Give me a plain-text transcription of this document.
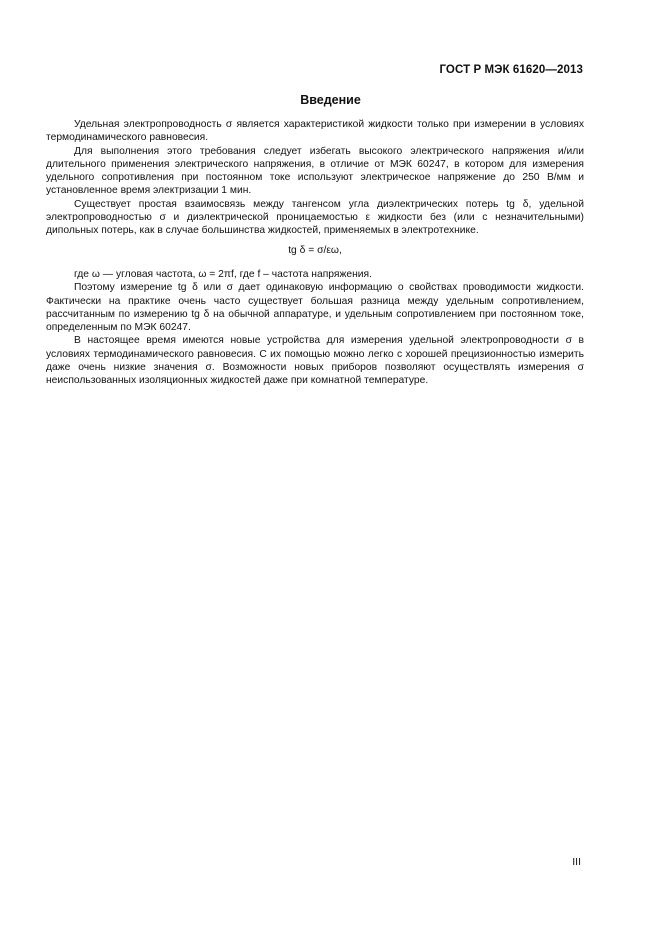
ГОСТ Р МЭК 61620—2013
Введение

Удельная электропроводность σ является характеристикой жидкости только при измерении в условиях термодинамического равновесия.

Для выполнения этого требования следует избегать высокого электрического напряжения и/или длительного применения электрического напряжения, в отличие от МЭК 60247, в котором для измерения удельного сопротивления при постоянном токе используют электрическое напряжение до 250 В/мм и установленное время электризации 1 мин.

Существует простая взаимосвязь между тангенсом угла диэлектрических потерь tg δ, удельной электропроводностью σ и диэлектрической проницаемостью ε жидкости без (или с незначительными) дипольных потерь, как в случае большинства жидкостей, применяемых в электротехнике.

tg δ = σ/εω,

где ω — угловая частота, ω = 2πf, где f – частота напряжения.

Поэтому измерение tg δ или σ дает одинаковую информацию о свойствах проводимости жидкости. Фактически на практике очень часто существует большая разница между удельным сопротивлением, рассчитанным по измерению tg δ на обычной аппаратуре, и удельным сопротивлением при постоянном токе, определенным по МЭК 60247.

В настоящее время имеются новые устройства для измерения удельной электропроводности σ в условиях термодинамического равновесия. С их помощью можно легко с хорошей прецизионностью измерить даже очень низкие значения σ. Возможности новых приборов позволяют осуществлять измерения σ неиспользованных изоляционных жидкостей даже при комнатной температуре.

III
